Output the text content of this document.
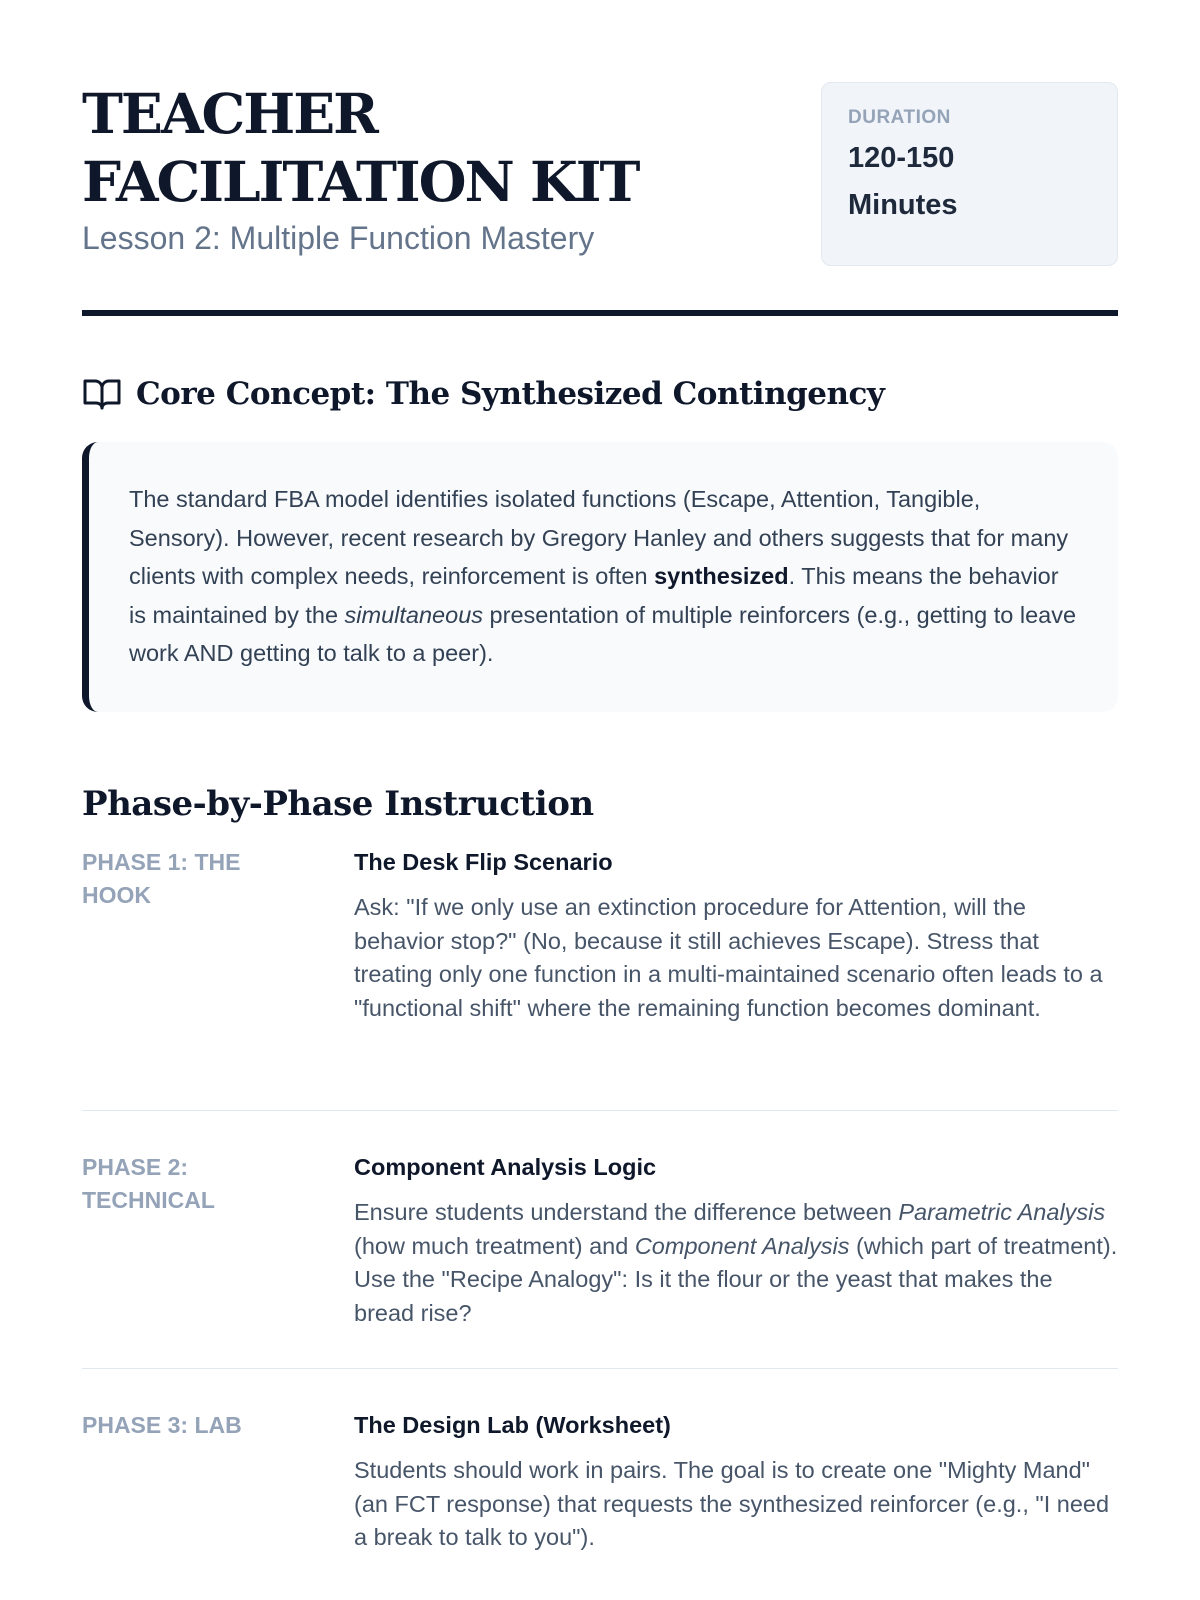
TEACHER FACILITATION KIT
Lesson 2: Multiple Function Mastery
DURATION
120-150 Minutes
Core Concept: The Synthesized Contingency

The standard FBA model identifies isolated functions (Escape, Attention, Tangible, Sensory). However, recent research by Gregory Hanley and others suggests that for many clients with complex needs, reinforcement is often synthesized. This means the behavior is maintained by the simultaneous presentation of multiple reinforcers (e.g., getting to leave work AND getting to talk to a peer).

Phase-by-Phase Instruction
PHASE 1: THE HOOK
The Desk Flip Scenario

Ask: "If we only use an extinction procedure for Attention, will the behavior stop?" (No, because it still achieves Escape). Stress that treating only one function in a multi-maintained scenario often leads to a "functional shift" where the remaining function becomes dominant.

PHASE 2: TECHNICAL
Component Analysis Logic

Ensure students understand the difference between Parametric Analysis (how much treatment) and Component Analysis (which part of treatment). Use the "Recipe Analogy": Is it the flour or the yeast that makes the bread rise?

PHASE 3: LAB	The Design Lab (Worksheet)

Students should work in pairs. The goal is to create one "Mighty Mand" (an FCT response) that requests the synthesized reinforcer (e.g., "I need a break to talk to you").
